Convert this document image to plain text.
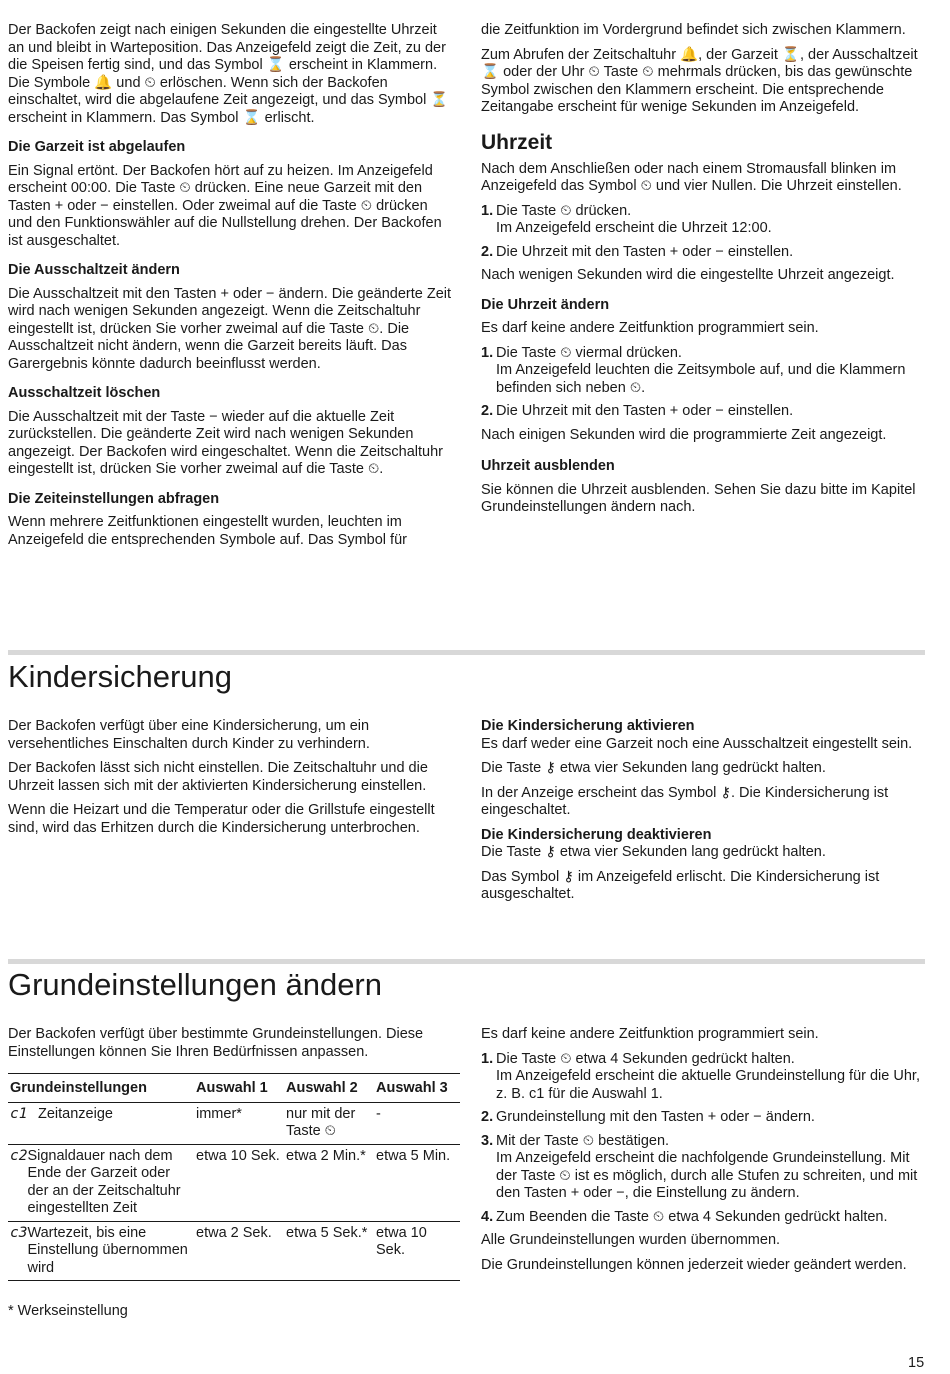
Der Backofen zeigt nach einigen Sekunden die eingestellte Uhrzeit an und bleibt in Warteposition. Das Anzeigefeld zeigt die Zeit, zu der die Speisen fertig sind, und das Symbol ⌛ erscheint in Klammern. Die Symbole 🔔 und ⏲ erlöschen. Wenn sich der Backofen einschaltet, wird die abgelaufene Zeit angezeigt, und das Symbol ⏳ erscheint in Klammern. Das Symbol ⌛ erlischt.

Die Garzeit ist abgelaufen

Ein Signal ertönt. Der Backofen hört auf zu heizen. Im Anzeigefeld erscheint 00:00. Die Taste ⏲ drücken. Eine neue Garzeit mit den Tasten + oder − einstellen. Oder zweimal auf die Taste ⏲ drücken und den Funktionswähler auf die Nullstellung drehen. Der Backofen ist ausgeschaltet.

Die Ausschaltzeit ändern

Die Ausschaltzeit mit den Tasten + oder − ändern. Die geänderte Zeit wird nach wenigen Sekunden angezeigt. Wenn die Zeitschaltuhr eingestellt ist, drücken Sie vorher zweimal auf die Taste ⏲. Die Ausschaltzeit nicht ändern, wenn die Garzeit bereits läuft. Das Garergebnis könnte dadurch beeinflusst werden.

Ausschaltzeit löschen

Die Ausschaltzeit mit der Taste − wieder auf die aktuelle Zeit zurückstellen. Die geänderte Zeit wird nach wenigen Sekunden angezeigt. Der Backofen wird eingeschaltet. Wenn die Zeitschaltuhr eingestellt ist, drücken Sie vorher zweimal auf die Taste ⏲.

Die Zeiteinstellungen abfragen

Wenn mehrere Zeitfunktionen eingestellt wurden, leuchten im Anzeigefeld die entsprechenden Symbole auf. Das Symbol für

die Zeitfunktion im Vordergrund befindet sich zwischen Klammern.

Zum Abrufen der Zeitschaltuhr 🔔, der Garzeit ⏳, der Ausschaltzeit ⌛ oder der Uhr ⏲ Taste ⏲ mehrmals drücken, bis das gewünschte Symbol zwischen den Klammern erscheint. Die entsprechende Zeitangabe erscheint für wenige Sekunden im Anzeigefeld.

Uhrzeit

Nach dem Anschließen oder nach einem Stromausfall blinken im Anzeigefeld das Symbol ⏲ und vier Nullen. Die Uhrzeit einstellen.

1. Die Taste ⏲ drücken.
Im Anzeigefeld erscheint die Uhrzeit 12:00.
2. Die Uhrzeit mit den Tasten + oder − einstellen.

Nach wenigen Sekunden wird die eingestellte Uhrzeit angezeigt.

Die Uhrzeit ändern

Es darf keine andere Zeitfunktion programmiert sein.

1. Die Taste ⏲ viermal drücken.
Im Anzeigefeld leuchten die Zeitsymbole auf, und die Klammern befinden sich neben ⏲.
2. Die Uhrzeit mit den Tasten + oder − einstellen.

Nach einigen Sekunden wird die programmierte Zeit angezeigt.

Uhrzeit ausblenden

Sie können die Uhrzeit ausblenden. Sehen Sie dazu bitte im Kapitel Grundeinstellungen ändern nach.

Kindersicherung

Der Backofen verfügt über eine Kindersicherung, um ein versehentliches Einschalten durch Kinder zu verhindern.

Der Backofen lässt sich nicht einstellen. Die Zeitschaltuhr und die Uhrzeit lassen sich mit der aktivierten Kindersicherung einstellen.

Wenn die Heizart und die Temperatur oder die Grillstufe eingestellt sind, wird das Erhitzen durch die Kindersicherung unterbrochen.

Die Kindersicherung aktivieren

Es darf weder eine Garzeit noch eine Ausschaltzeit eingestellt sein.

Die Taste ⚷ etwa vier Sekunden lang gedrückt halten.

In der Anzeige erscheint das Symbol ⚷. Die Kindersicherung ist eingeschaltet.

Die Kindersicherung deaktivieren

Die Taste ⚷ etwa vier Sekunden lang gedrückt halten.

Das Symbol ⚷ im Anzeigefeld erlischt. Die Kindersicherung ist ausgeschaltet.

Grundeinstellungen ändern

Der Backofen verfügt über bestimmte Grundeinstellungen. Diese Einstellungen können Sie Ihren Bedürfnissen anpassen.

Grundeinstellungen	Auswahl 1	Auswahl 2	Auswahl 3

c1 Zeitanzeige	immer*	nur mit der Taste ⏲	-

c2 Signaldauer nach dem Ende der Garzeit oder der an der Zeitschaltuhr eingestellten Zeit	etwa 10 Sek.	etwa 2 Min.*	etwa 5 Min.

c3 Wartezeit, bis eine Einstellung übernommen wird	etwa 2 Sek.	etwa 5 Sek.*	etwa 10 Sek.
* Werkseinstellung

Es darf keine andere Zeitfunktion programmiert sein.

1. Die Taste ⏲ etwa 4 Sekunden gedrückt halten.
Im Anzeigefeld erscheint die aktuelle Grundeinstellung für die Uhr, z. B. c1 für die Auswahl 1.
2. Grundeinstellung mit den Tasten + oder − ändern.
3. Mit der Taste ⏲ bestätigen.
Im Anzeigefeld erscheint die nachfolgende Grundeinstellung. Mit der Taste ⏲ ist es möglich, durch alle Stufen zu schreiten, und mit den Tasten + oder −, die Einstellung zu ändern.
4. Zum Beenden die Taste ⏲ etwa 4 Sekunden gedrückt halten.

Alle Grundeinstellungen wurden übernommen.

Die Grundeinstellungen können jederzeit wieder geändert werden.

15
